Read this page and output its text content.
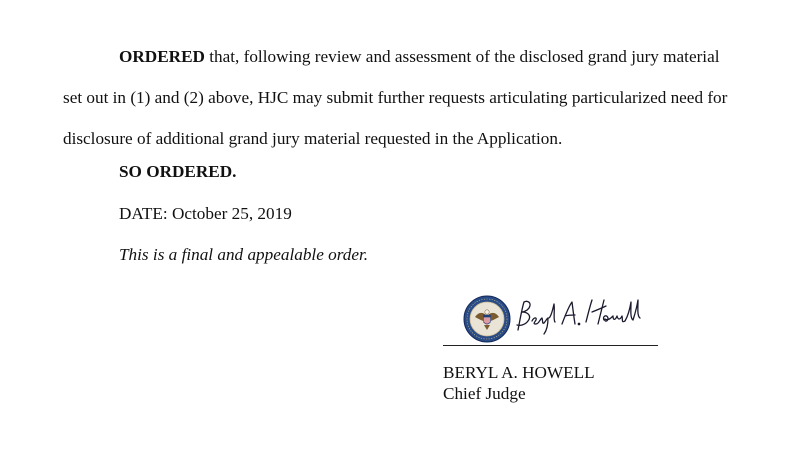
ORDERED that, following review and assessment of the disclosed grand jury material
set out in (1) and (2) above, HJC may submit further requests articulating particularized need for
disclosure of additional grand jury material requested in the Application.

SO ORDERED.
DATE: October 25, 2019
This is a final and appealable order.
BERYL A. HOWELL
Chief Judge
